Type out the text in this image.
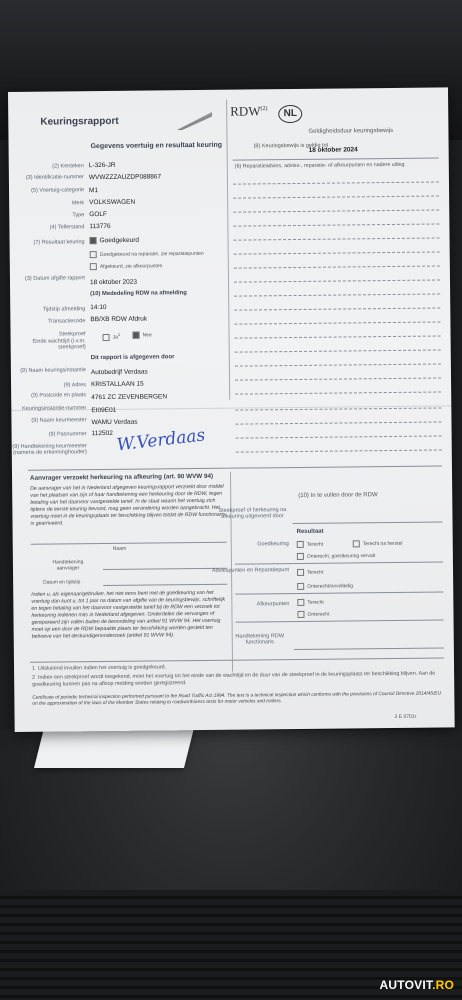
Keuringsrapport
Gegevens voertuig en resultaat keuring
(2) Kenteken L-326-JR
(3) Identificatie-nummer WVWZZZAUZDP088867
(5) Voertuig-categorie M1
Merk VOLKSWAGEN
Type GOLF
(4) Tellerstand 113776
(7) Resultaat keuring	Goedgekeurd
Goedgekeurd na reparatie, zie reparatiepunten
Afgekeurd, zie afkeurpunten
(3) Datum afgifte rapport
18 oktober 2023
(10) Mededeling RDW na afmelding
Tijdstip afmelding 14:10
Transactiecode BB/XB RDW Afdruk
Steekproef
Einde wachttijd (i.v.m. steekproef)
Ja$^1$	Nee
Dit rapport is afgegeven door
(9) Naam keuringsinstantie Autobedrijf Verdaas
(9) Adres KRISTALLAAN 15
(9) Postcode en plaats 4761 ZC ZEVENBERGEN
Keuringsinstantie-nummer EI09E01
(9) Naam keurmeester WAMU Verdaas
(9) Pasnummer 112502
(9) Handtekening keurmeester (namens de erkenninghouder) W.Verdaas
RDW$^{(2)}$	NL
Geldigheidsduur keuringsbewijs
(8) Keuringsbewijs is geldig tot
18 oktober 2024
(6) Reparatieadvies, advies-, reparatie- of afkeurpunten en nadere uitleg
Aanvrager verzoekt herkeuring na afkeuring (art. 90 WVW 94)
De aanvrager van het in Nederland afgegeven keuringsrapport verzoekt door middel van het plaatsen van zijn of haar handtekening een herkeuring door de RDW, tegen betaling van het daarvoor vastgestelde tarief. In de staat waarin het voertuig zich tijdens de eerste keuring bevond, mag geen verandering worden aangebracht. Het voertuig moet in de keuringsplaats ter beschikking blijven totdat de RDW functionaris is gearriveerd.
Naam
Handtekening aanvrager
Datum en tijdstip
Indien u, als eigenaar/gebruiker, het niet eens bent met de goedkeuring van het voertuig dan kunt u, tot 1 jaar na datum van afgifte van de keuringsbewijs, schriftelijk en tegen betaling van het daarvoor vastgestelde tarief bij de RDW een verzoek tot herkeuring indienen mits in Nederland afgegeven. Onderdelen die vervangen of gerepareerd zijn vallen buiten de beoordeling van artikel 91 WVW 94. Het voertuig moet op een door de RDW bepaalde plaats ter beschikking worden gesteld ten behoeve van het deskundigenonderzoek (artikel 91 WVW 94).
(10) In te vullen door de RDW
Steekproef of herkeuring na afkeuring uitgevoerd door
Resultaat
Goedkeuring	Terecht	Terecht na herstel
Onterecht, goedkeuring vervalt
Adviespunten en Reparatiepunt	Terecht
Onterecht/onvolledig
Afkeurpunten	Terecht
Onterecht
Handtekening RDW functionaris
1  Uitsluitend invullen indien het voertuig is goedgekeurd.
2  Indien een steekproef wordt toegekend, moet het voertuig tot het einde van de wachttijd en de duur van de steekproef in de keuringsplaats ter beschikking blijven. Aan de goedkeuring kunnen pas na afloop melding worden geregistreerd.
Certificate of periodic technical inspection performed pursuant to the Road Traffic Act 1994. The text is a technical inspection which conforms with the provisions of Council Directive 2014/45/EU on the approximation of the laws of the Member States relating to roadworthiness tests for motor vehicles and trailers.
2 E 0701r
AUTOVIT.RO
